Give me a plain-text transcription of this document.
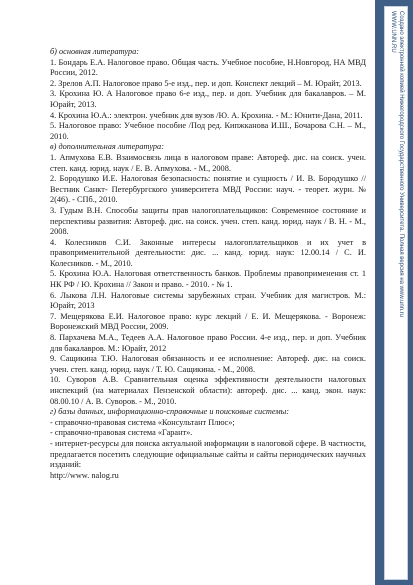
б) основная литература:

1. Бондарь Е.А. Налоговое право. Общая часть. Учебное пособие, Н.Новгород, НА МВД России, 2012.

2. Зрелов А.П. Налоговое право 5-е изд., пер. и доп. Конспект лекций – М. Юрайт, 2013.

3. Крохина Ю. А Налоговое право 6-е изд., пер. и доп. Учебник для бакалавров. – М. Юрайт, 2013.

4. Крохина Ю.А.: электрон. учебник для вузов /Ю. А. Крохина. - М.: Юнити-Дана, 2011.

5. Налоговое право: Учебное пособие /Под ред. Кипжканова И.Ш., Бочарова С.Н. – М., 2010.

в) дополнительная литература:

1. Апмухова Е.В. Взаимосвязь лица в налоговом праве: Автореф. дис. на соиск. учен. степ. канд. юрид. наук / Е. В. Апмухова. - М., 2008.

2. Бородушко И.Е. Налоговая безопасность: понятие и сущность / И. В. Бородушко // Вестник Санкт- Петербургского университета МВД России: науч. - теорет. журн. № 2(46). - СПб., 2010.

3. Гудым В.Н. Способы защиты прав налогоплательщиков: Современное состояние и перспективы развития: Автореф. дис. на соиск. учен. степ. канд. юрид. наук / В. Н. - М., 2008.

4. Колесников С.И. Законные интересы налогоплательщиков и их учет в правоприменительной деятельности: дис. ... канд. юрид. наук: 12.00.14 / С. И. Колесников. - М., 2010.

5. Крохина Ю.А. Налоговая ответственность банков. Проблемы правоприменения ст. 1 НК РФ / Ю. Крохина // Закон и право. - 2010. - № 1.

6. Лыкова Л.Н. Налоговые системы зарубежных стран. Учебник для магистров. М.: Юрайт, 2013

7. Мещерякова Е.И. Налоговое право: курс лекций / Е. И. Мещерякова. - Воронеж: Воронежский МВД России, 2009.

8. Пархачева М.А., Тедеев А.А. Налоговое право России. 4-е изд., пер. и доп. Учебник для бакалавров. М.: Юрайт, 2012

9. Сащикина Т.Ю. Налоговая обязанность и ее исполнение: Автореф. дис. на соиск. учен. степ. канд. юрид. наук / Т. Ю. Сащикина. - М., 2008.

10. Суворов А.В. Сравнительная оценка эффективности деятельности налоговых инспекций (на материалах Пензенской области): автореф. дис. ... канд. экон. наук: 08.00.10 / А. В. Суворов. - М., 2010.

г) базы данных, информационно-справочные и поисковые системы:

- справочно-правовая система «Консультант Плюс»;

- справочно-правовая система «Гарант».

- интернет-ресурсы для поиска актуальной информации в налоговой сфере. В частности, предлагается посетить следующие официальные сайты и сайты периодических научных изданий:

http://www. nalog.ru

Создано электронной копией Нижегородского Государственного Университета. Полная версия на www.unn.ru
WWW.UNN.RU
